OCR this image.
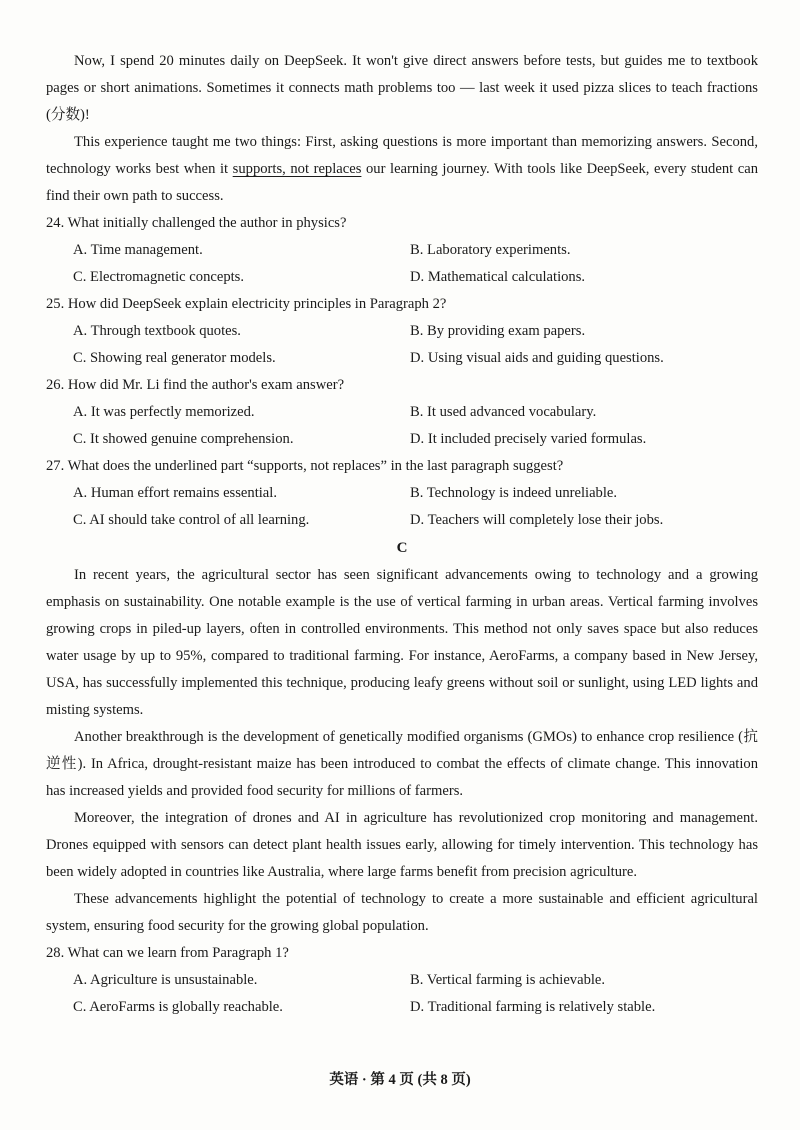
Now, I spend 20 minutes daily on DeepSeek. It won't give direct answers before tests, but guides me to textbook pages or short animations. Sometimes it connects math problems too — last week it used pizza slices to teach fractions (分数)!

This experience taught me two things: First, asking questions is more important than memorizing answers. Second, technology works best when it supports, not replaces our learning journey. With tools like DeepSeek, every student can find their own path to success.

24. What initially challenged the author in physics?

A. Time management.	B. Laboratory experiments.
C. Electromagnetic concepts.	D. Mathematical calculations.

25. How did DeepSeek explain electricity principles in Paragraph 2?

A. Through textbook quotes.	B. By providing exam papers.
C. Showing real generator models.	D. Using visual aids and guiding questions.

26. How did Mr. Li find the author's exam answer?

A. It was perfectly memorized.	B. It used advanced vocabulary.
C. It showed genuine comprehension.	D. It included precisely varied formulas.

27. What does the underlined part “supports, not replaces” in the last paragraph suggest?

A. Human effort remains essential.	B. Technology is indeed unreliable.
C. AI should take control of all learning.	D. Teachers will completely lose their jobs.

C

In recent years, the agricultural sector has seen significant advancements owing to technology and a growing emphasis on sustainability. One notable example is the use of vertical farming in urban areas. Vertical farming involves growing crops in piled-up layers, often in controlled environments. This method not only saves space but also reduces water usage by up to 95%, compared to traditional farming. For instance, AeroFarms, a company based in New Jersey, USA, has successfully implemented this technique, producing leafy greens without soil or sunlight, using LED lights and misting systems.

Another breakthrough is the development of genetically modified organisms (GMOs) to enhance crop resilience (抗逆性). In Africa, drought-resistant maize has been introduced to combat the effects of climate change. This innovation has increased yields and provided food security for millions of farmers.

Moreover, the integration of drones and AI in agriculture has revolutionized crop monitoring and management. Drones equipped with sensors can detect plant health issues early, allowing for timely intervention. This technology has been widely adopted in countries like Australia, where large farms benefit from precision agriculture.

These advancements highlight the potential of technology to create a more sustainable and efficient agricultural system, ensuring food security for the growing global population.

28. What can we learn from Paragraph 1?

A. Agriculture is unsustainable.	B. Vertical farming is achievable.
C. AeroFarms is globally reachable.	D. Traditional farming is relatively stable.
英语 · 第 4 页 (共 8 页)
